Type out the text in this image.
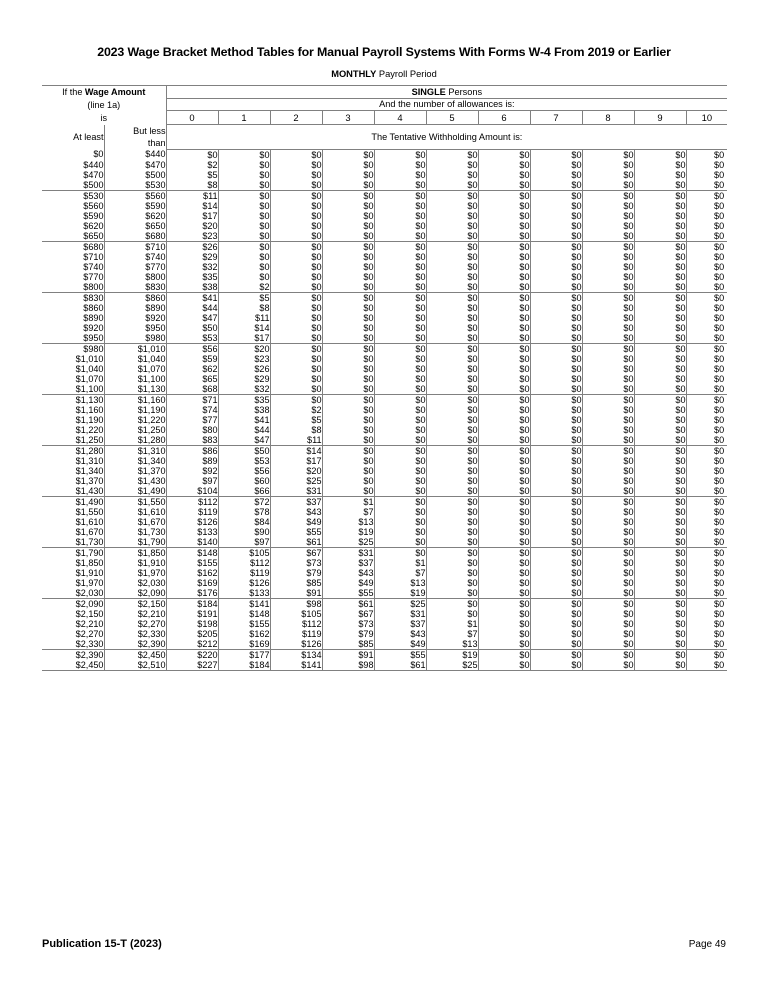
2023 Wage Bracket Method Tables for Manual Payroll Systems With Forms W-4 From 2019 or Earlier
MONTHLY Payroll Period
If the Wage Amount
(line 1a)
is		SINGLE Persons										
		And the number of allowances is:										
		0	1	2	3	4	5	6	7	8	9	10
At least	But less
than	The Tentative Withholding Amount is:										
$0	$440	$0	$0	$0	$0	$0	$0	$0	$0	$0	$0	$0
$440	$470	$2	$0	$0	$0	$0	$0	$0	$0	$0	$0	$0
$470	$500	$5	$0	$0	$0	$0	$0	$0	$0	$0	$0	$0
$500	$530	$8	$0	$0	$0	$0	$0	$0	$0	$0	$0	$0
$530	$560	$11	$0	$0	$0	$0	$0	$0	$0	$0	$0	$0
$560	$590	$14	$0	$0	$0	$0	$0	$0	$0	$0	$0	$0
$590	$620	$17	$0	$0	$0	$0	$0	$0	$0	$0	$0	$0
$620	$650	$20	$0	$0	$0	$0	$0	$0	$0	$0	$0	$0
$650	$680	$23	$0	$0	$0	$0	$0	$0	$0	$0	$0	$0
$680	$710	$26	$0	$0	$0	$0	$0	$0	$0	$0	$0	$0
$710	$740	$29	$0	$0	$0	$0	$0	$0	$0	$0	$0	$0
$740	$770	$32	$0	$0	$0	$0	$0	$0	$0	$0	$0	$0
$770	$800	$35	$0	$0	$0	$0	$0	$0	$0	$0	$0	$0
$800	$830	$38	$2	$0	$0	$0	$0	$0	$0	$0	$0	$0
$830	$860	$41	$5	$0	$0	$0	$0	$0	$0	$0	$0	$0
$860	$890	$44	$8	$0	$0	$0	$0	$0	$0	$0	$0	$0
$890	$920	$47	$11	$0	$0	$0	$0	$0	$0	$0	$0	$0
$920	$950	$50	$14	$0	$0	$0	$0	$0	$0	$0	$0	$0
$950	$980	$53	$17	$0	$0	$0	$0	$0	$0	$0	$0	$0
$980	$1,010	$56	$20	$0	$0	$0	$0	$0	$0	$0	$0	$0
$1,010	$1,040	$59	$23	$0	$0	$0	$0	$0	$0	$0	$0	$0
$1,040	$1,070	$62	$26	$0	$0	$0	$0	$0	$0	$0	$0	$0
$1,070	$1,100	$65	$29	$0	$0	$0	$0	$0	$0	$0	$0	$0
$1,100	$1,130	$68	$32	$0	$0	$0	$0	$0	$0	$0	$0	$0
$1,130	$1,160	$71	$35	$0	$0	$0	$0	$0	$0	$0	$0	$0
$1,160	$1,190	$74	$38	$2	$0	$0	$0	$0	$0	$0	$0	$0
$1,190	$1,220	$77	$41	$5	$0	$0	$0	$0	$0	$0	$0	$0
$1,220	$1,250	$80	$44	$8	$0	$0	$0	$0	$0	$0	$0	$0
$1,250	$1,280	$83	$47	$11	$0	$0	$0	$0	$0	$0	$0	$0
$1,280	$1,310	$86	$50	$14	$0	$0	$0	$0	$0	$0	$0	$0
$1,310	$1,340	$89	$53	$17	$0	$0	$0	$0	$0	$0	$0	$0
$1,340	$1,370	$92	$56	$20	$0	$0	$0	$0	$0	$0	$0	$0
$1,370	$1,430	$97	$60	$25	$0	$0	$0	$0	$0	$0	$0	$0
$1,430	$1,490	$104	$66	$31	$0	$0	$0	$0	$0	$0	$0	$0
$1,490	$1,550	$112	$72	$37	$1	$0	$0	$0	$0	$0	$0	$0
$1,550	$1,610	$119	$78	$43	$7	$0	$0	$0	$0	$0	$0	$0
$1,610	$1,670	$126	$84	$49	$13	$0	$0	$0	$0	$0	$0	$0
$1,670	$1,730	$133	$90	$55	$19	$0	$0	$0	$0	$0	$0	$0
$1,730	$1,790	$140	$97	$61	$25	$0	$0	$0	$0	$0	$0	$0
$1,790	$1,850	$148	$105	$67	$31	$0	$0	$0	$0	$0	$0	$0
$1,850	$1,910	$155	$112	$73	$37	$1	$0	$0	$0	$0	$0	$0
$1,910	$1,970	$162	$119	$79	$43	$7	$0	$0	$0	$0	$0	$0
$1,970	$2,030	$169	$126	$85	$49	$13	$0	$0	$0	$0	$0	$0
$2,030	$2,090	$176	$133	$91	$55	$19	$0	$0	$0	$0	$0	$0
$2,090	$2,150	$184	$141	$98	$61	$25	$0	$0	$0	$0	$0	$0
$2,150	$2,210	$191	$148	$105	$67	$31	$0	$0	$0	$0	$0	$0
$2,210	$2,270	$198	$155	$112	$73	$37	$1	$0	$0	$0	$0	$0
$2,270	$2,330	$205	$162	$119	$79	$43	$7	$0	$0	$0	$0	$0
$2,330	$2,390	$212	$169	$126	$85	$49	$13	$0	$0	$0	$0	$0
$2,390	$2,450	$220	$177	$134	$91	$55	$19	$0	$0	$0	$0	$0
$2,450	$2,510	$227	$184	$141	$98	$61	$25	$0	$0	$0	$0	$0
Publication 15-T (2023)	Page 49
